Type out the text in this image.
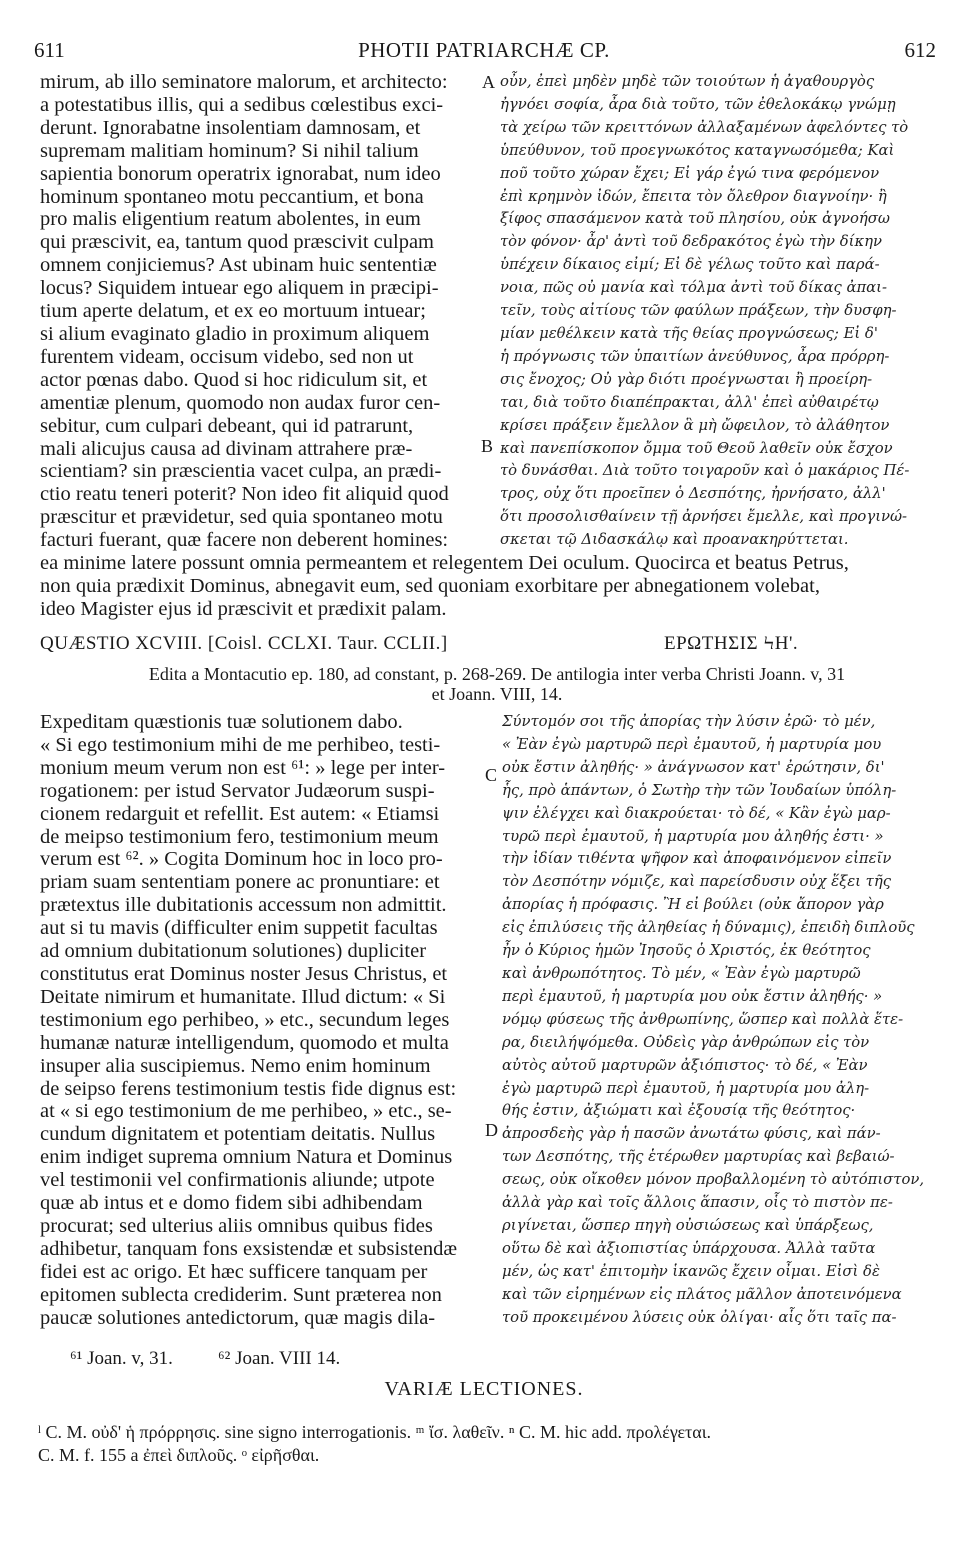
611	PHOTII PATRIARCHÆ CP.	612
mirum, ab illo seminatore malorum, et architecto:
a potestatibus illis, qui a sedibus cœlestibus exci-
derunt. Ignorabatne insolentiam damnosam, et
supremam malitiam hominum? Si nihil talium
sapientia bonorum operatrix ignorabat, num ideo
hominum spontaneo motu peccantium, et bona
pro malis eligentium reatum abolentes, in eum
qui præscivit, ea, tantum quod præscivit culpam
omnem conjiciemus? Ast ubinam huic sententiæ
locus? Siquidem intuear ego aliquem in præcipi-
tium aperte delatum, et ex eo mortuum intuear;
si alium evaginato gladio in proximum aliquem
furentem videam, occisum videbo, sed non ut
actor pœnas dabo. Quod si hoc ridiculum sit, et
amentiæ plenum, quomodo non audax furor cen-
sebitur, cum culpari debeant, qui id patrarunt,
mali alicujus causa ad divinam attrahere præ-
scientiam? sin præscientia vacet culpa, an prædi-
ctio reatu teneri poterit? Non ideo fit aliquid quod
præscitur et prævidetur, sed quia spontaneo motu
facturi fuerant, quæ facere non deberent homines:
οὖν, ἐπεὶ μηδὲν μηδὲ τῶν τοιούτων ἡ ἀγαθουργὸς
ἠγνόει σοφία, ἆρα διὰ τοῦτο, τῶν ἐθελοκάκῳ γνώμῃ
τὰ χείρω τῶν κρειττόνων ἀλλαξαμένων ἀφελόντες τὸ
ὑπεύθυνον, τοῦ προεγνωκότος καταγνωσόμεθα; Καὶ
ποῦ τοῦτο χώραν ἔχει; Εἰ γάρ ἐγώ τινα φερόμενον
ἐπὶ κρημνὸν ἰδών, ἔπειτα τὸν ὄλεθρον διαγνοίην· ἢ
ξίφος σπασάμενον κατὰ τοῦ πλησίου, οὐκ ἀγνοήσω
τὸν φόνον· ἆρ' ἀντὶ τοῦ δεδρακότος ἐγὼ τὴν δίκην
ὑπέχειν δίκαιος εἰμί; Εἰ δὲ γέλως τοῦτο καὶ παρά-
νοια, πῶς οὐ μανία καὶ τόλμα ἀντὶ τοῦ δίκας ἀπαι-
τεῖν, τοὺς αἰτίους τῶν φαύλων πράξεων, τὴν δυσφη-
μίαν μεθέλκειν κατὰ τῆς θείας προγνώσεως; Εἰ δ'
ἡ πρόγνωσις τῶν ὑπαιτίων ἀνεύθυνος, ἆρα πρόρρη-
σις ἔνοχος; Οὐ γὰρ διότι προέγνωσται ἢ προείρη-
ται, διὰ τοῦτο διαπέπρακται, ἀλλ' ἐπεὶ αὐθαιρέτῳ
κρίσει πράξειν ἔμελλον ἃ μὴ ὤφειλον, τὸ ἀλάθητον
καὶ πανεπίσκοπον ὄμμα τοῦ Θεοῦ λαθεῖν οὐκ ἔσχον
τὸ δυνάσθαι. Διὰ τοῦτο τοιγαροῦν καὶ ὁ μακάριος Πέ-
τρος, οὐχ ὅτι προεῖπεν ὁ Δεσπότης, ἠρνήσατο, ἀλλ'
ὅτι προσολισθαίνειν τῇ ἀρνήσει ἔμελλε, καὶ προγινώ-
σκεται τῷ Διδασκάλῳ καὶ προανακηρύττεται.
A
B
ea minime latere possunt omnia permeantem et relegentem Dei oculum. Quocirca et beatus Petrus,
non quia prædixit Dominus, abnegavit eum, sed quoniam exorbitare per abnegationem volebat,
ideo Magister ejus id præscivit et prædixit palam.
QUÆSTIO XCVIII. [Coisl. CCLXI. Taur. CCLII.]	ΕΡΩΤΗΣΙΣ ϞΗ'.
Edita a Montacutio ep. 180, ad constant, p. 268-269. De antilogia inter verba Christi Joann. v, 31
et Joann. VIII, 14.
Expeditam quæstionis tuæ solutionem dabo.
« Si ego testimonium mihi de me perhibeo, testi-
monium meum verum non est ⁶¹: » lege per inter-
rogationem: per istud Servator Judæorum suspi-
cionem redarguit et refellit. Est autem: « Etiamsi
de meipso testimonium fero, testimonium meum
verum est ⁶². » Cogita Dominum hoc in loco pro-
priam suam sententiam ponere ac pronuntiare: et
prætextus ille dubitationis accessum non admittit.
aut si tu mavis (difficulter enim suppetit facultas
ad omnium dubitationum solutiones) dupliciter
constitutus erat Dominus noster Jesus Christus, et
Deitate nimirum et humanitate. Illud dictum: « Si
testimonium ego perhibeo, » etc., secundum leges
humanæ naturæ intelligendum, quomodo et multa
insuper alia suscipiemus. Nemo enim hominum
de seipso ferens testimonium testis fide dignus est:
at « si ego testimonium de me perhibeo, » etc., se-
cundum dignitatem et potentiam deitatis. Nullus
enim indiget suprema omnium Natura et Dominus
vel testimonii vel confirmationis aliunde; utpote
quæ ab intus et e domo fidem sibi adhibendam
procurat; sed ulterius aliis omnibus quibus fides
adhibetur, tanquam fons exsistendæ et subsistendæ
fidei est ac origo. Et hæc sufficere tanquam per
epitomen sublecta crediderim. Sunt præterea non
paucæ solutiones antedictorum, quæ magis dila-
Σύντομόν σοι τῆς ἀπορίας τὴν λύσιν ἐρῶ· τὸ μέν,
« Ἐὰν ἐγὼ μαρτυρῶ περὶ ἐμαυτοῦ, ἡ μαρτυρία μου
οὐκ ἔστιν ἀληθής· » ἀνάγνωσον κατ' ἐρώτησιν, δι'
ἧς, πρὸ ἁπάντων, ὁ Σωτὴρ τὴν τῶν Ἰουδαίων ὑπόλη-
ψιν ἐλέγχει καὶ διακρούεται· τὸ δέ, « Κἂν ἐγὼ μαρ-
τυρῶ περὶ ἐμαυτοῦ, ἡ μαρτυρία μου ἀληθής ἐστι· »
τὴν ἰδίαν τιθέντα ψῆφον καὶ ἀποφαινόμενον εἰπεῖν
τὸν Δεσπότην νόμιζε, καὶ παρείσδυσιν οὐχ ἕξει τῆς
ἀπορίας ἡ πρόφασις. Ἢ εἰ βούλει (οὐκ ἄπορον γὰρ
εἰς ἐπιλύσεις τῆς ἀληθείας ἡ δύναμις), ἐπειδὴ διπλοῦς
ἦν ὁ Κύριος ἡμῶν Ἰησοῦς ὁ Χριστός, ἐκ θεότητος
καὶ ἀνθρωπότητος. Τὸ μέν, « Ἐὰν ἐγὼ μαρτυρῶ
περὶ ἐμαυτοῦ, ἡ μαρτυρία μου οὐκ ἔστιν ἀληθής· »
νόμῳ φύσεως τῆς ἀνθρωπίνης, ὥσπερ καὶ πολλὰ ἕτε-
ρα, διειλήψόμεθα. Οὐδεὶς γὰρ ἀνθρώπων εἰς τὸν
αὐτὸς αὐτοῦ μαρτυρῶν ἀξιόπιστος· τὸ δέ, « Ἐὰν
ἐγὼ μαρτυρῶ περὶ ἐμαυτοῦ, ἡ μαρτυρία μου ἀλη-
θής ἐστιν, ἀξιώματι καὶ ἐξουσίᾳ τῆς θεότητος·
ἀπροσδεὴς γὰρ ἡ πασῶν ἀνωτάτω φύσις, καὶ πάν-
των Δεσπότης, τῆς ἑτέρωθεν μαρτυρίας καὶ βεβαιώ-
σεως, οὐκ οἴκοθεν μόνον προβαλλομένη τὸ αὐτόπιστον,
ἀλλὰ γὰρ καὶ τοῖς ἄλλοις ἅπασιν, οἷς τὸ πιστὸν πε-
ριγίνεται, ὥσπερ πηγὴ οὐσιώσεως καὶ ὑπάρξεως,
οὕτω δὲ καὶ ἀξιοπιστίας ὑπάρχουσα. Ἀλλὰ ταῦτα
μέν, ὡς κατ' ἐπιτομὴν ἱκανῶς ἔχειν οἶμαι. Εἰσὶ δὲ
καὶ τῶν εἰρημένων εἰς πλάτος μᾶλλον ἀποτεινόμενα
τοῦ προκειμένου λύσεις οὐκ ὀλίγαι· αἷς ὅτι ταῖς πα-
C
D
⁶¹ Joan. v, 31. ⁶² Joan. VIII 14.
VARIÆ LECTIONES.
ˡ C. M. οὐδ' ἡ πρόρρησις. sine signo interrogationis. ᵐ ἴσ. λαθεῖν. ⁿ C. M. hic add. προλέγεται.
C. M. f. 155 a ἐπεὶ διπλοῦς. ᵒ εἰρῆσθαι.
